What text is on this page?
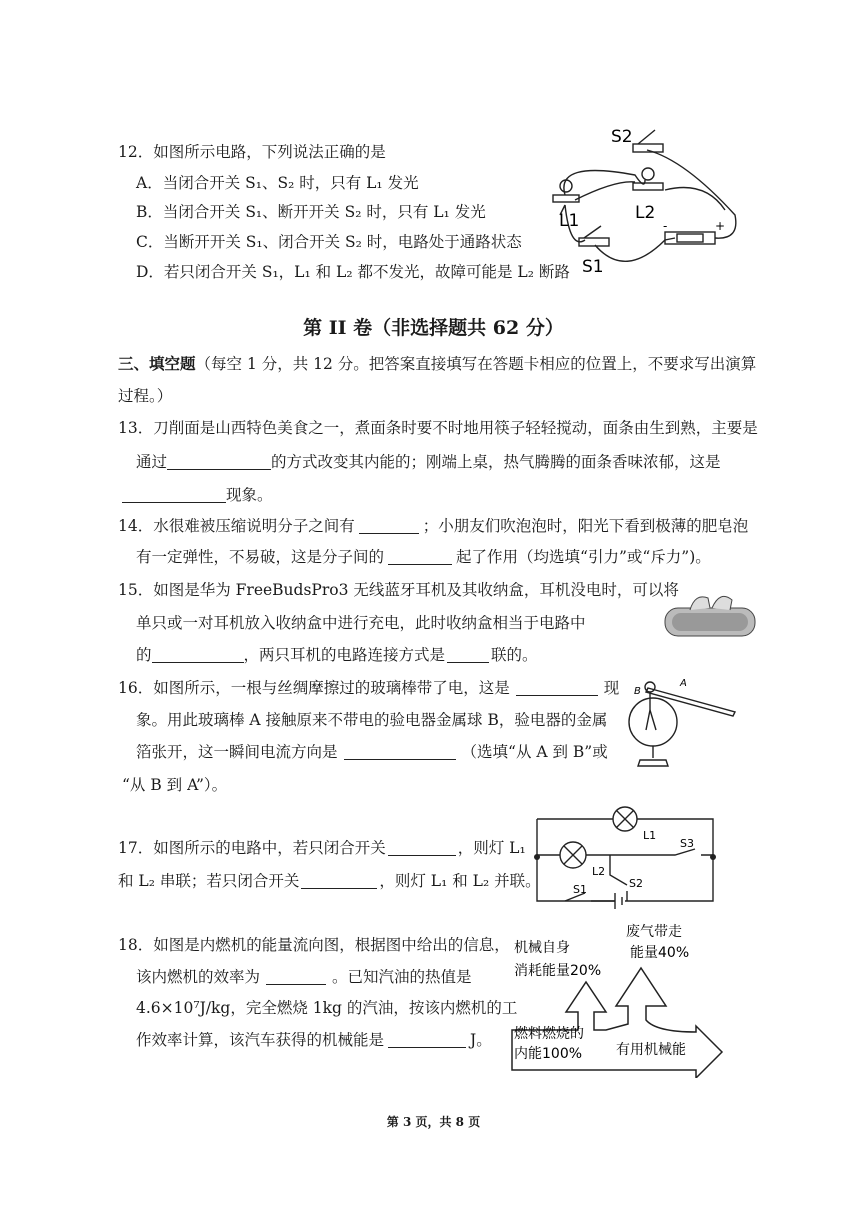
12．如图所示电路，下列说法正确的是
A．当闭合开关 S₁、S₂ 时，只有 L₁ 发光
B．当闭合开关 S₁、断开开关 S₂ 时，只有 L₁ 发光
C．当断开开关 S₁、闭合开关 S₂ 时，电路处于通路状态
D．若只闭合开关 S₁，L₁ 和 L₂ 都不发光，故障可能是 L₂ 断路
S2
L1	L2
S1
-	+
第 II 卷（非选择题共 62 分）
三、填空题（每空 1 分，共 12 分。把答案直接填写在答题卡相应的位置上，不要求写出演算
过程。）
13．刀削面是山西特色美食之一，煮面条时要不时地用筷子轻轻搅动，面条由生到熟，主要是
通过	的方式改变其内能的；刚端上桌，热气腾腾的面条香味浓郁，这是
现象。
14．水很难被压缩说明分子之间有	；小朋友们吹泡泡时，阳光下看到极薄的肥皂泡
有一定弹性，不易破，这是分子间的	起了作用（均选填“引力”或“斥力”)。
15．如图是华为 FreeBudsPro3 无线蓝牙耳机及其收纳盒，耳机没电时，可以将
单只或一对耳机放入收纳盒中进行充电，此时收纳盒相当于电路中
的	，两只耳机的电路连接方式是	联的。
16．如图所示，一根与丝绸摩擦过的玻璃棒带了电，这是	现
象。用此玻璃棒 A 接触原来不带电的验电器金属球 B，验电器的金属
箔张开，这一瞬间电流方向是	（选填“从 A 到 B”或
“从 B 到 A”）。
A
B
17．如图所示的电路中，若只闭合开关	，则灯 L₁
和 L₂ 串联；若只闭合开关	，则灯 L₁ 和 L₂ 并联。
L1
L2
S3
S1	S2
18．如图是内燃机的能量流向图，根据图中给出的信息，
该内燃机的效率为	。已知汽油的热值是
4.6×10⁷J/kg，完全燃烧 1kg 的汽油，按该内燃机的工
作效率计算，该汽车获得的机械能是	J。
机械自身
消耗能量20%
废气带走
能量40%
燃料燃烧的
内能100% 有用机械能
第 3 页，共 8 页
